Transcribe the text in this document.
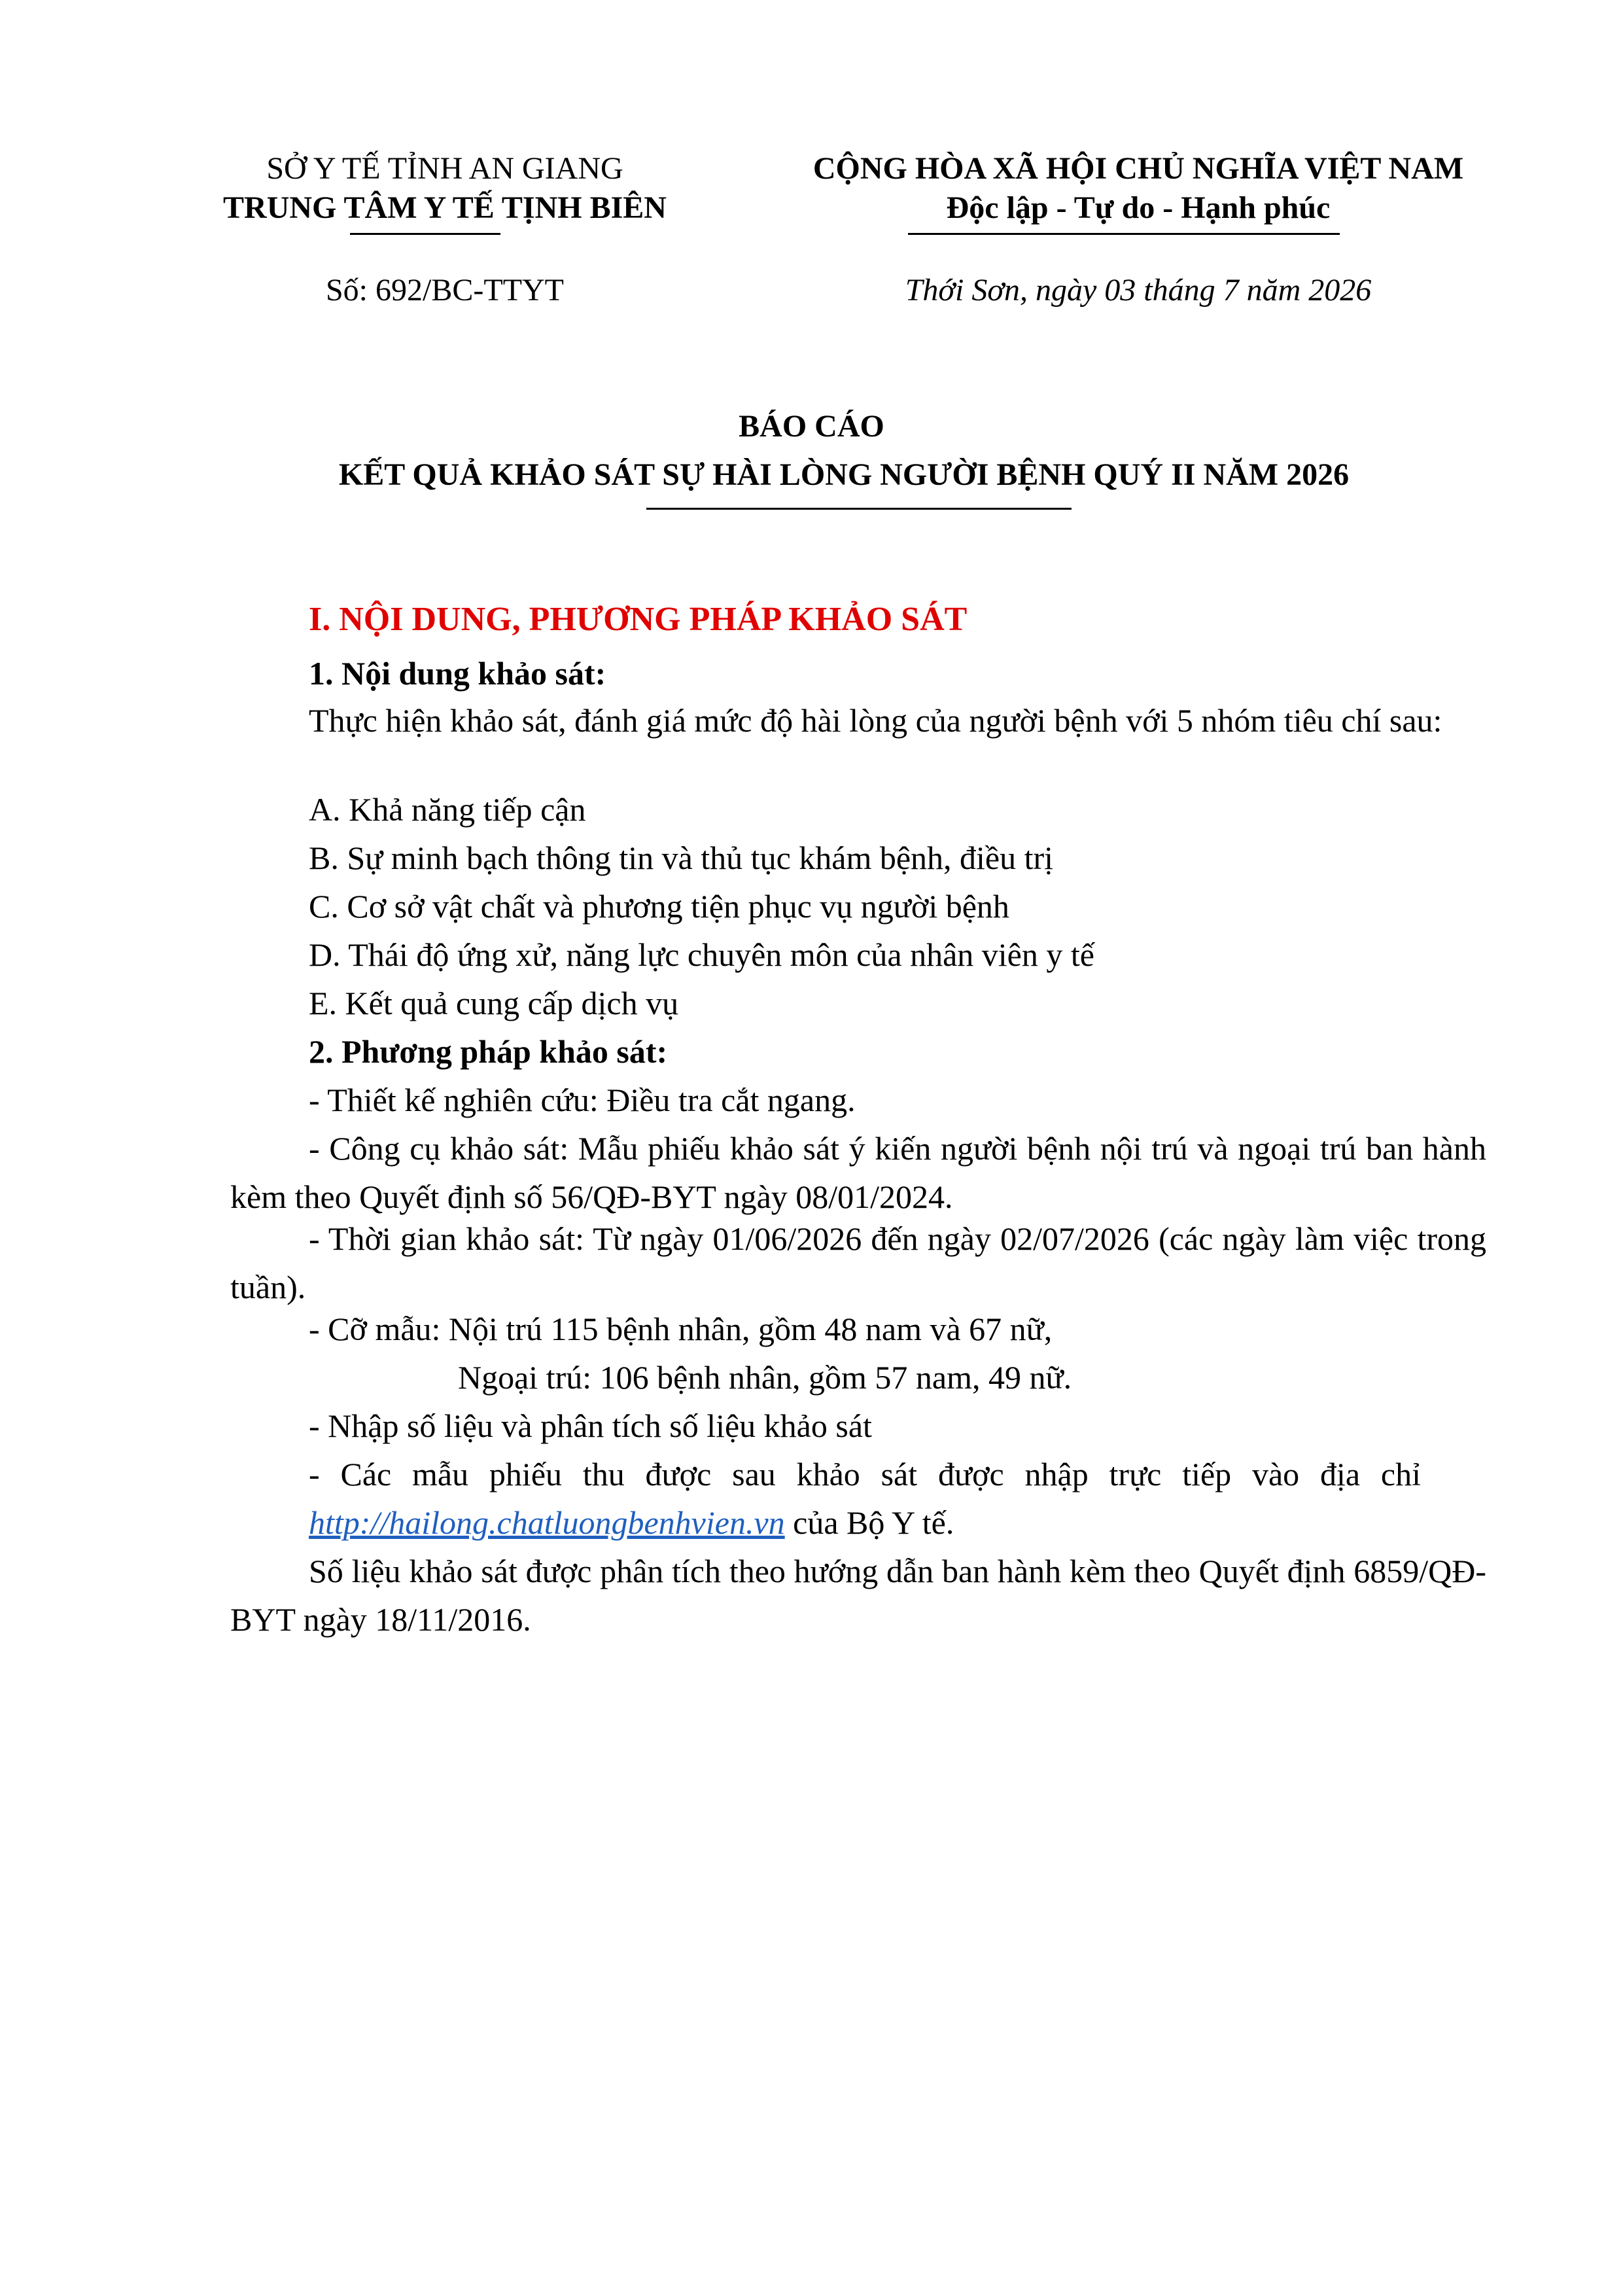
SỞ Y TẾ TỈNH AN GIANG
TRUNG TÂM Y TẾ TỊNH BIÊN
Số: 692/BC-TTYT
CỘNG HÒA XÃ HỘI CHỦ NGHĨA VIỆT NAM
Độc lập - Tự do - Hạnh phúc
Thới Sơn, ngày 03 tháng 7 năm 2026
BÁO CÁO
KẾT QUẢ KHẢO SÁT SỰ HÀI LÒNG NGƯỜI BỆNH QUÝ II NĂM 2026
I. NỘI DUNG, PHƯƠNG PHÁP KHẢO SÁT
1. Nội dung khảo sát:
Thực hiện khảo sát, đánh giá mức độ hài lòng của người bệnh với 5 nhóm tiêu chí sau:
A. Khả năng tiếp cận
B. Sự minh bạch thông tin và thủ tục khám bệnh, điều trị
C. Cơ sở vật chất và phương tiện phục vụ người bệnh
D. Thái độ ứng xử, năng lực chuyên môn của nhân viên y tế
E. Kết quả cung cấp dịch vụ
2. Phương pháp khảo sát:
- Thiết kế nghiên cứu: Điều tra cắt ngang.
- Công cụ khảo sát: Mẫu phiếu khảo sát ý kiến người bệnh nội trú và ngoại trú ban hành kèm theo Quyết định số 56/QĐ-BYT ngày 08/01/2024.
- Thời gian khảo sát: Từ ngày 01/06/2026 đến ngày 02/07/2026 (các ngày làm việc trong tuần).
- Cỡ mẫu: Nội trú 115 bệnh nhân, gồm 48 nam và 67 nữ,
Ngoại trú: 106 bệnh nhân, gồm 57 nam, 49 nữ.
- Nhập số liệu và phân tích số liệu khảo sát
- Các mẫu phiếu thu được sau khảo sát được nhập trực tiếp vào địa chỉ
http://hailong.chatluongbenhvien.vn của Bộ Y tế.
Số liệu khảo sát được phân tích theo hướng dẫn ban hành kèm theo Quyết định 6859/QĐ-BYT ngày 18/11/2016.
